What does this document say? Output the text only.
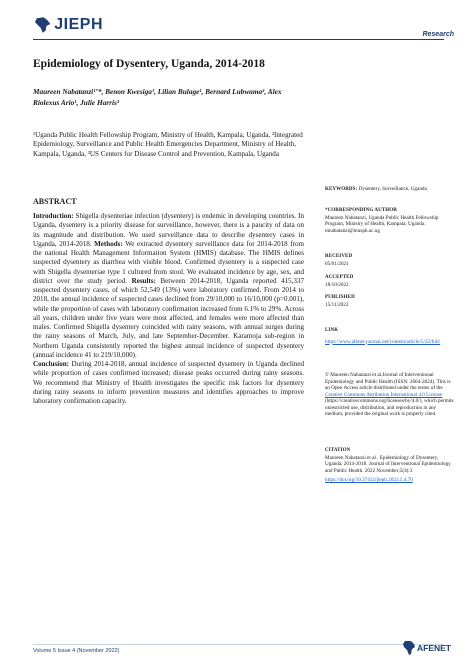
JIEPH
Research
Epidemiology of Dysentery, Uganda, 2014-2018
Maureen Nabatanzi¹ʼ*, Benon Kwesiga¹, Lilian Bulage¹, Bernard Lubwama², Alex
Riolexus Ario¹, Julie Harris³
¹Uganda Public Health Fellowship Program, Ministry of Health, Kampala, Uganda, ²Integrated Epidemiology, Surveillance and Public Health Emergencies Department, Ministry of Health, Kampala, Uganda, ³US Centers for Disease Control and Prevention, Kampala, Uganda
ABSTRACT
Introduction: Shigella dysenteriae infection (dysentery) is endemic in developing countries. In Uganda, dysentery is a priority disease for surveillance, however, there is a paucity of data on its magnitude and distribution. We used surveillance data to describe dysentery cases in Uganda, 2014-2018. Methods: We extracted dysentery surveillance data for 2014-2018 from the national Health Management Information System (HMIS) database. The HMIS defines suspected dysentery as diarrhea with visible blood. Confirmed dysentery is a suspected case with Shigella dysenteriae type 1 cultured from stool. We evaluated incidence by age, sex, and district over the study period. Results: Between 2014-2018, Uganda reported 415,337 suspected dysentery cases, of which 52,549 (13%) were laboratory confirmed. From 2014 to 2018, the annual incidence of suspected cases declined from 29/10,000 to 16/10,000 (p=0.001), while the proportion of cases with laboratory confirmation increased from 6.1% to 29%. Across all years, children under five years were most affected, and females were more affected than males. Confirmed Shigella dysentery coincided with rainy seasons, with annual surges during the rainy seasons of March, July, and late September-December. Karamoja sub-region in Northern Uganda consistently reported the highest annual incidence of suspected dysentery (annual incidence 41 to 219/10,000).
Conclusion: During 2014-2018, annual incidence of suspected dysentery in Uganda declined while proportion of cases confirmed increased; disease peaks occurred during rainy seasons. We recommend that Ministry of Health investigates the specific risk factors for dysentery during rainy seasons to inform prevention measures and identifies approaches to improve laboratory confirmation capacity.
KEYWORDS: Dysentery, Surveillance, Uganda
*CORRESPONDING AUTHOR
Maureen Nabatanzi, Uganda Public Health Fellowship Program, Ministry of Health, Kampala, Uganda. mnabatanzi@musph.ac.ug
RECEIVED
05/01/2021
ACCEPTED
18/10/2022
PUBLISHED
15/11/2022
LINK
https://www.afenet-journal.net/content/article/5/22/full/
© Maureen Nabatanzi et al.Journal of Interventional Epidemiology and Public Health (ISSN: 2664-2824). This is an Open Access article distributed under the terms of the Creative Commons Attribution International 4.0 License (https://creativecommons.org/licenses/by/4.0/), which permits unrestricted use, distribution, and reproduction in any medium, provided the original work is properly cited.
CITATION
Maureen Nabatanzi et al . Epidemiology of Dysentery, Uganda, 2014-2018. Journal of Interventional Epidemiology and Public Health. 2022 November;5(4):3
https://doi.org/10.37432/jieph.2022.5.4.70
Volume 5 Issue 4 (November 2022)	AFENET
